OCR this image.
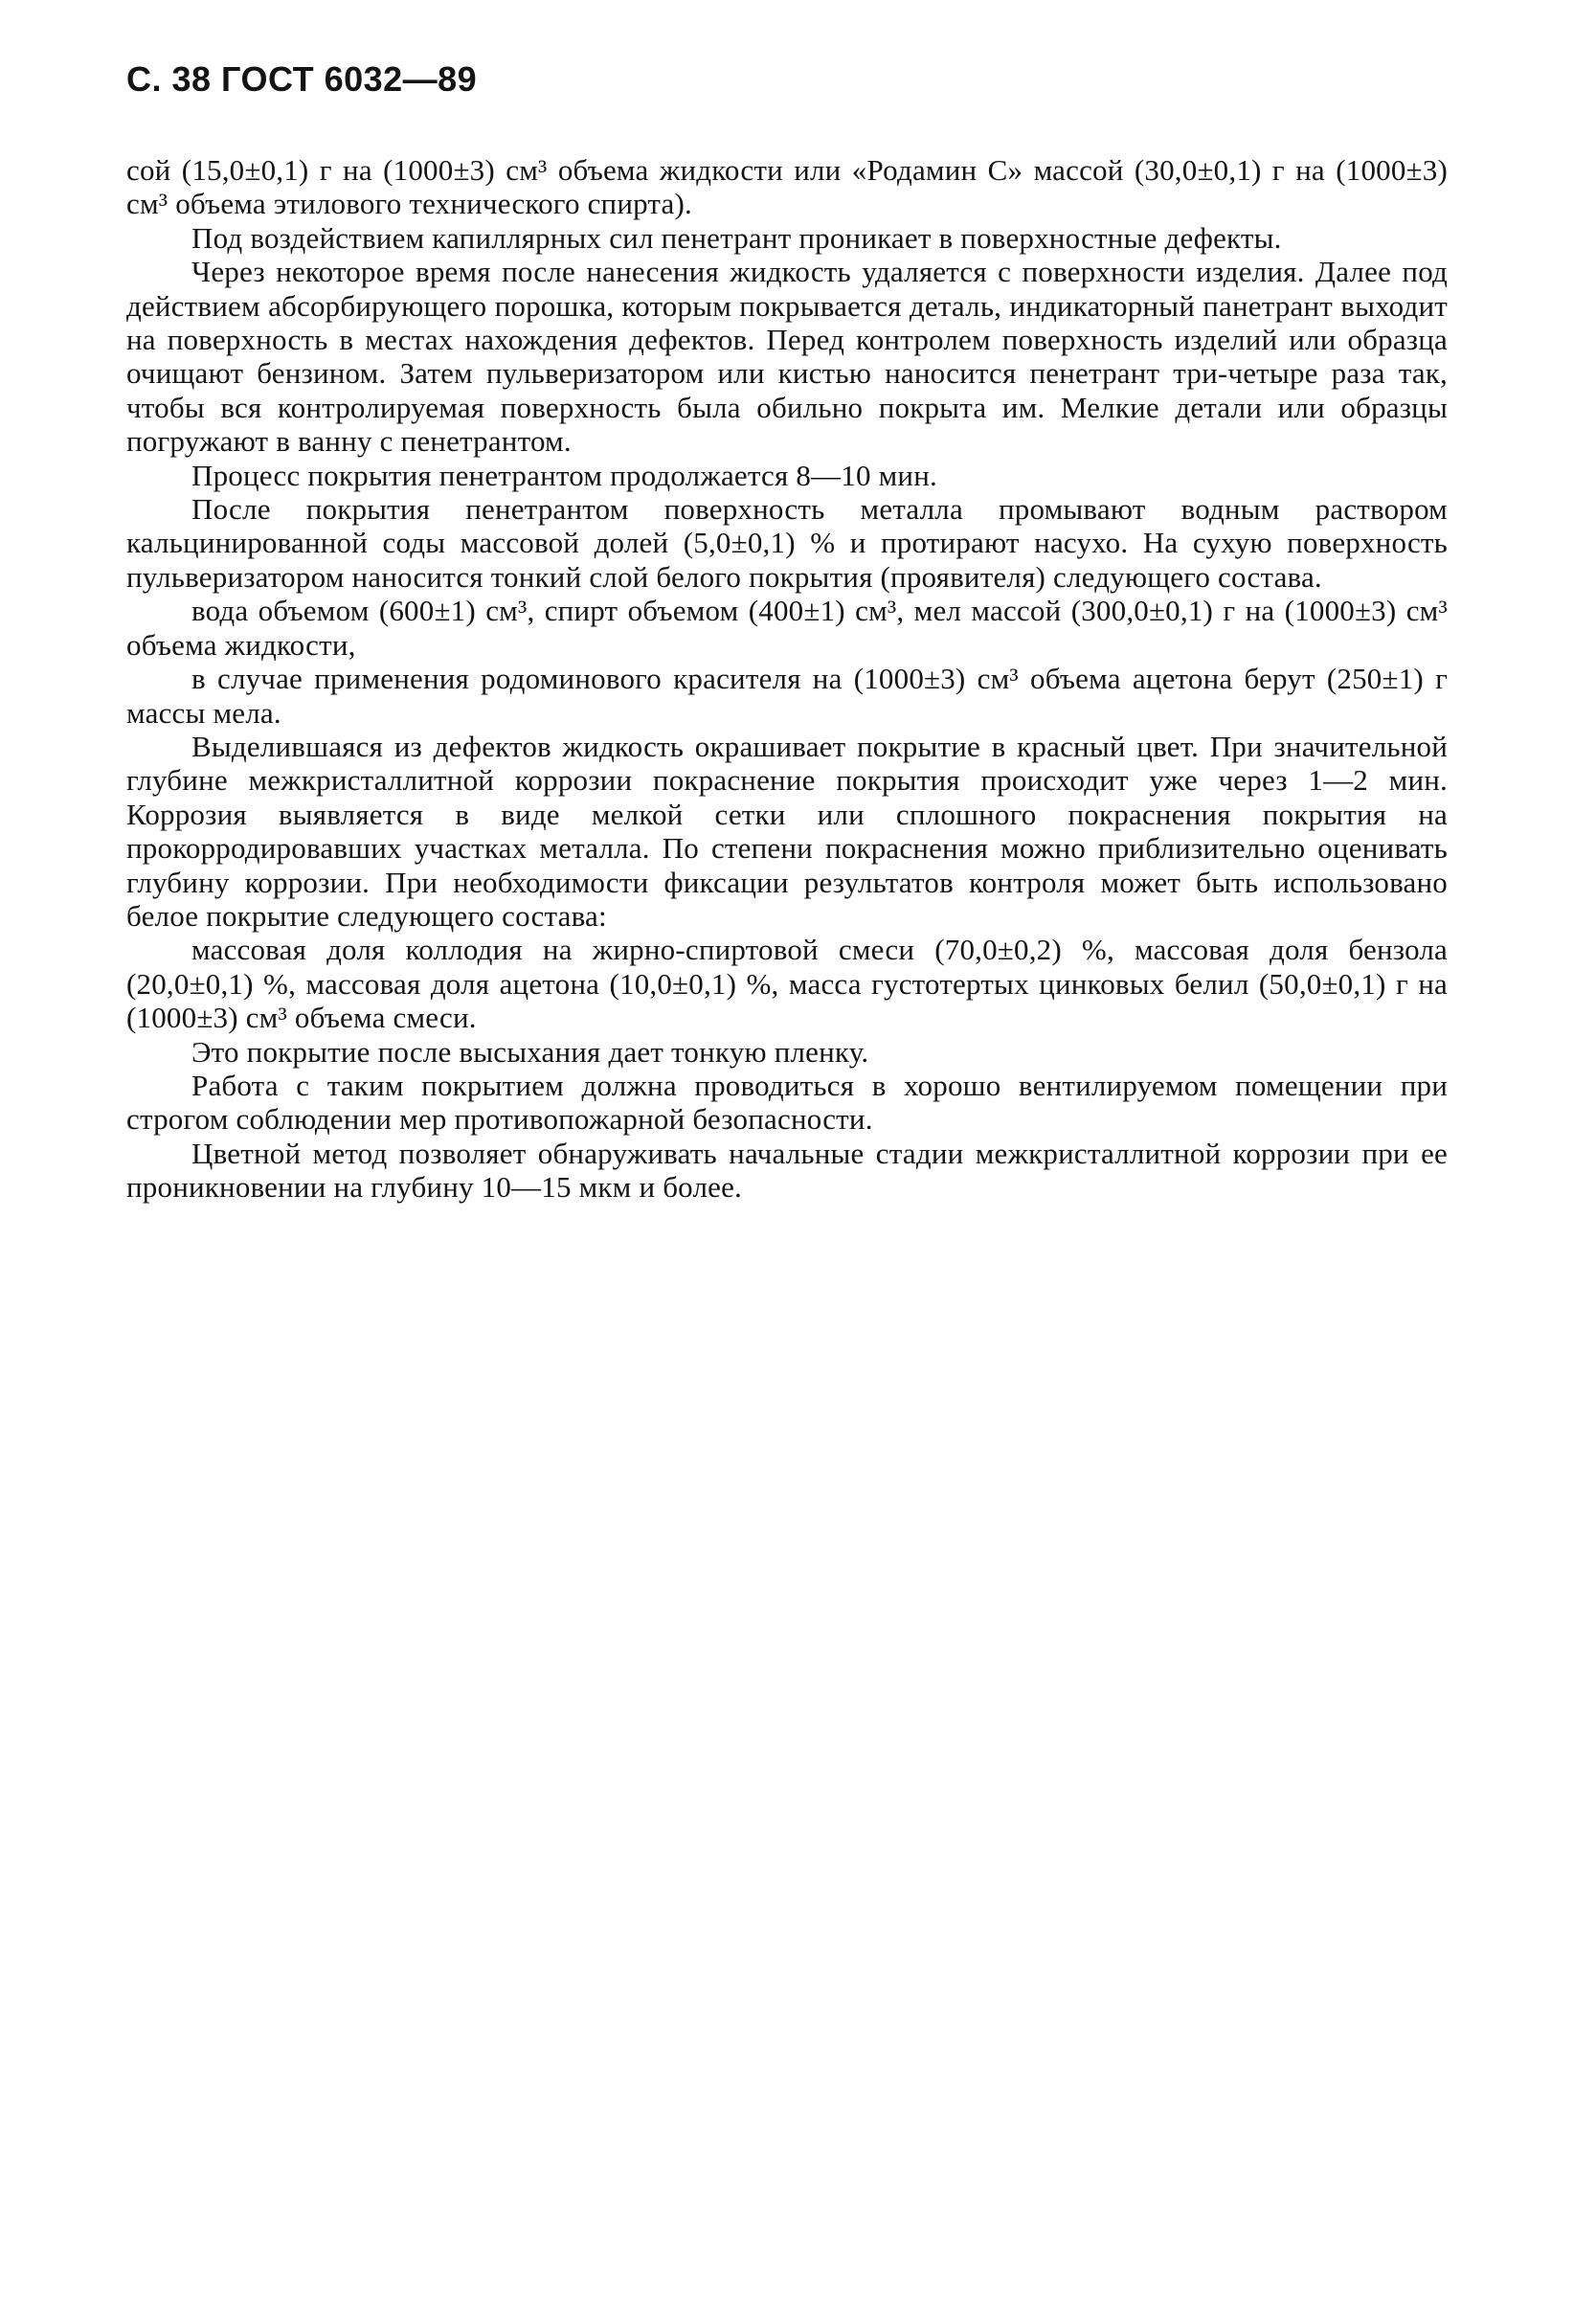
С. 38 ГОСТ 6032—89

сой (15,0±0,1) г на (1000±3) см³ объема жидкости или «Родамин С» массой (30,0±0,1) г на (1000±3) см³ объема этилового технического спирта).

Под воздействием капиллярных сил пенетрант проникает в поверхностные дефекты.

Через некоторое время после нанесения жидкость удаляется с поверхности изделия. Далее под действием абсорбирующего порошка, которым покрывается деталь, индикаторный панетрант выходит на поверхность в местах нахождения дефектов. Перед контролем поверхность изделий или образца очищают бензином. Затем пульверизатором или кистью наносится пенетрант три-четыре раза так, чтобы вся контролируемая поверхность была обильно покрыта им. Мелкие детали или образцы погружают в ванну с пенетрантом.

Процесс покрытия пенетрантом продолжается 8—10 мин.

После покрытия пенетрантом поверхность металла промывают водным раствором кальцинированной соды массовой долей (5,0±0,1) % и протирают насухо. На сухую поверхность пульверизатором наносится тонкий слой белого покрытия (проявителя) следующего состава.

вода объемом (600±1) см³, спирт объемом (400±1) см³, мел массой (300,0±0,1) г на (1000±3) см³ объема жидкости,

в случае применения родоминового красителя на (1000±3) см³ объема ацетона берут (250±1) г массы мела.

Выделившаяся из дефектов жидкость окрашивает покрытие в красный цвет. При значительной глубине межкристаллитной коррозии покраснение покрытия происходит уже через 1—2 мин. Коррозия выявляется в виде мелкой сетки или сплошного покраснения покрытия на прокорродировавших участках металла. По степени покраснения можно приблизительно оценивать глубину коррозии. При необходимости фиксации результатов контроля может быть использовано белое покрытие следующего состава:

массовая доля коллодия на жирно-спиртовой смеси (70,0±0,2) %, массовая доля бензола (20,0±0,1) %, массовая доля ацетона (10,0±0,1) %, масса густотертых цинковых белил (50,0±0,1) г на (1000±3) см³ объема смеси.

Это покрытие после высыхания дает тонкую пленку.

Работа с таким покрытием должна проводиться в хорошо вентилируемом помещении при строгом соблюдении мер противопожарной безопасности.

Цветной метод позволяет обнаруживать начальные стадии межкристаллитной коррозии при ее проникновении на глубину 10—15 мкм и более.
